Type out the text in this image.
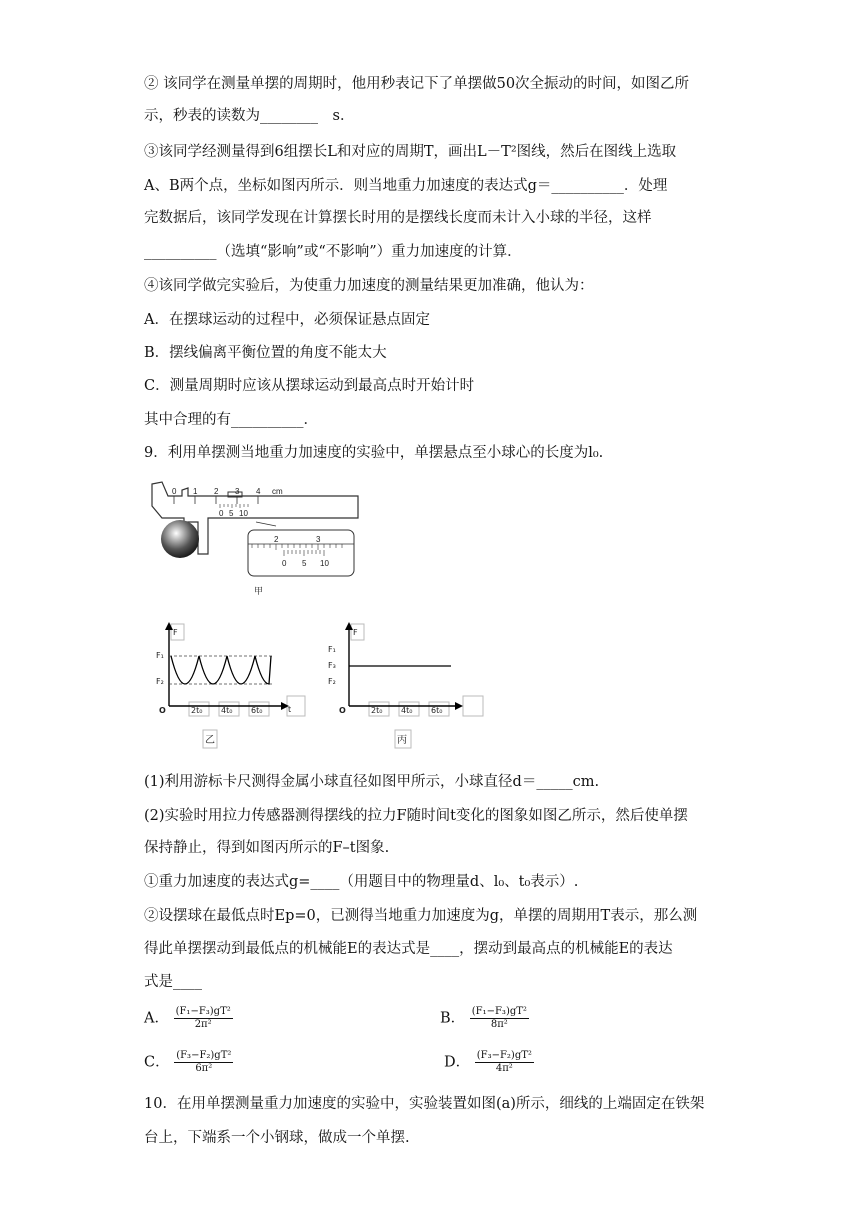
② 该同学在测量单摆的周期时，他用秒表记下了单摆做50次全振动的时间，如图乙所
示，秒表的读数为________　s．
③该同学经测量得到6组摆长L和对应的周期T，画出L－T²图线，然后在图线上选取
A、B两个点，坐标如图丙所示．则当地重力加速度的表达式g＝__________．处理
完数据后，该同学发现在计算摆长时用的是摆线长度而未计入小球的半径，这样
__________（选填“影响”或“不影响”）重力加速度的计算．
④该同学做完实验后，为使重力加速度的测量结果更加准确，他认为：
A．在摆球运动的过程中，必须保证悬点固定
B．摆线偏离平衡位置的角度不能太大
C．测量周期时应该从摆球运动到最高点时开始计时
其中合理的有__________．
9．利用单摆测当地重力加速度的实验中，单摆悬点至小球心的长度为l₀.
0 1 2 3 4 cm
0 5 10
2	3
0 5 10
甲
F
F₁
F₂
O	2t₀ 4t₀ 6t₀	t
乙
F
F₁
F₃
F₂
O	2t₀ 4t₀ 6t₀
丙
(1)利用游标卡尺测得金属小球直径如图甲所示，小球直径d＝_____cm.
(2)实验时用拉力传感器测得摆线的拉力F随时间t变化的图象如图乙所示，然后使单摆
保持静止，得到如图丙所示的F–t图象.
①重力加速度的表达式g=____（用题目中的物理量d、l₀、t₀表示）.
②设摆球在最低点时Ep=0，已测得当地重力加速度为g，单摆的周期用T表示，那么测
得此单摆摆动到最低点的机械能E的表达式是____，摆动到最高点的机械能E的表达
式是____
A． $\frac{\text{(F₁−F₃)gT²}}{\text{2π²}}$	B． $\frac{\text{(F₁−F₃)gT²}}{\text{8π²}}$
C． $\frac{\text{(F₃−F₂)gT²}}{\text{6π²}}$	D． $\frac{\text{(F₃−F₂)gT²}}{\text{4π²}}$
10．在用单摆测量重力加速度的实验中，实验装置如图(a)所示，细线的上端固定在铁架
台上，下端系一个小钢球，做成一个单摆.
